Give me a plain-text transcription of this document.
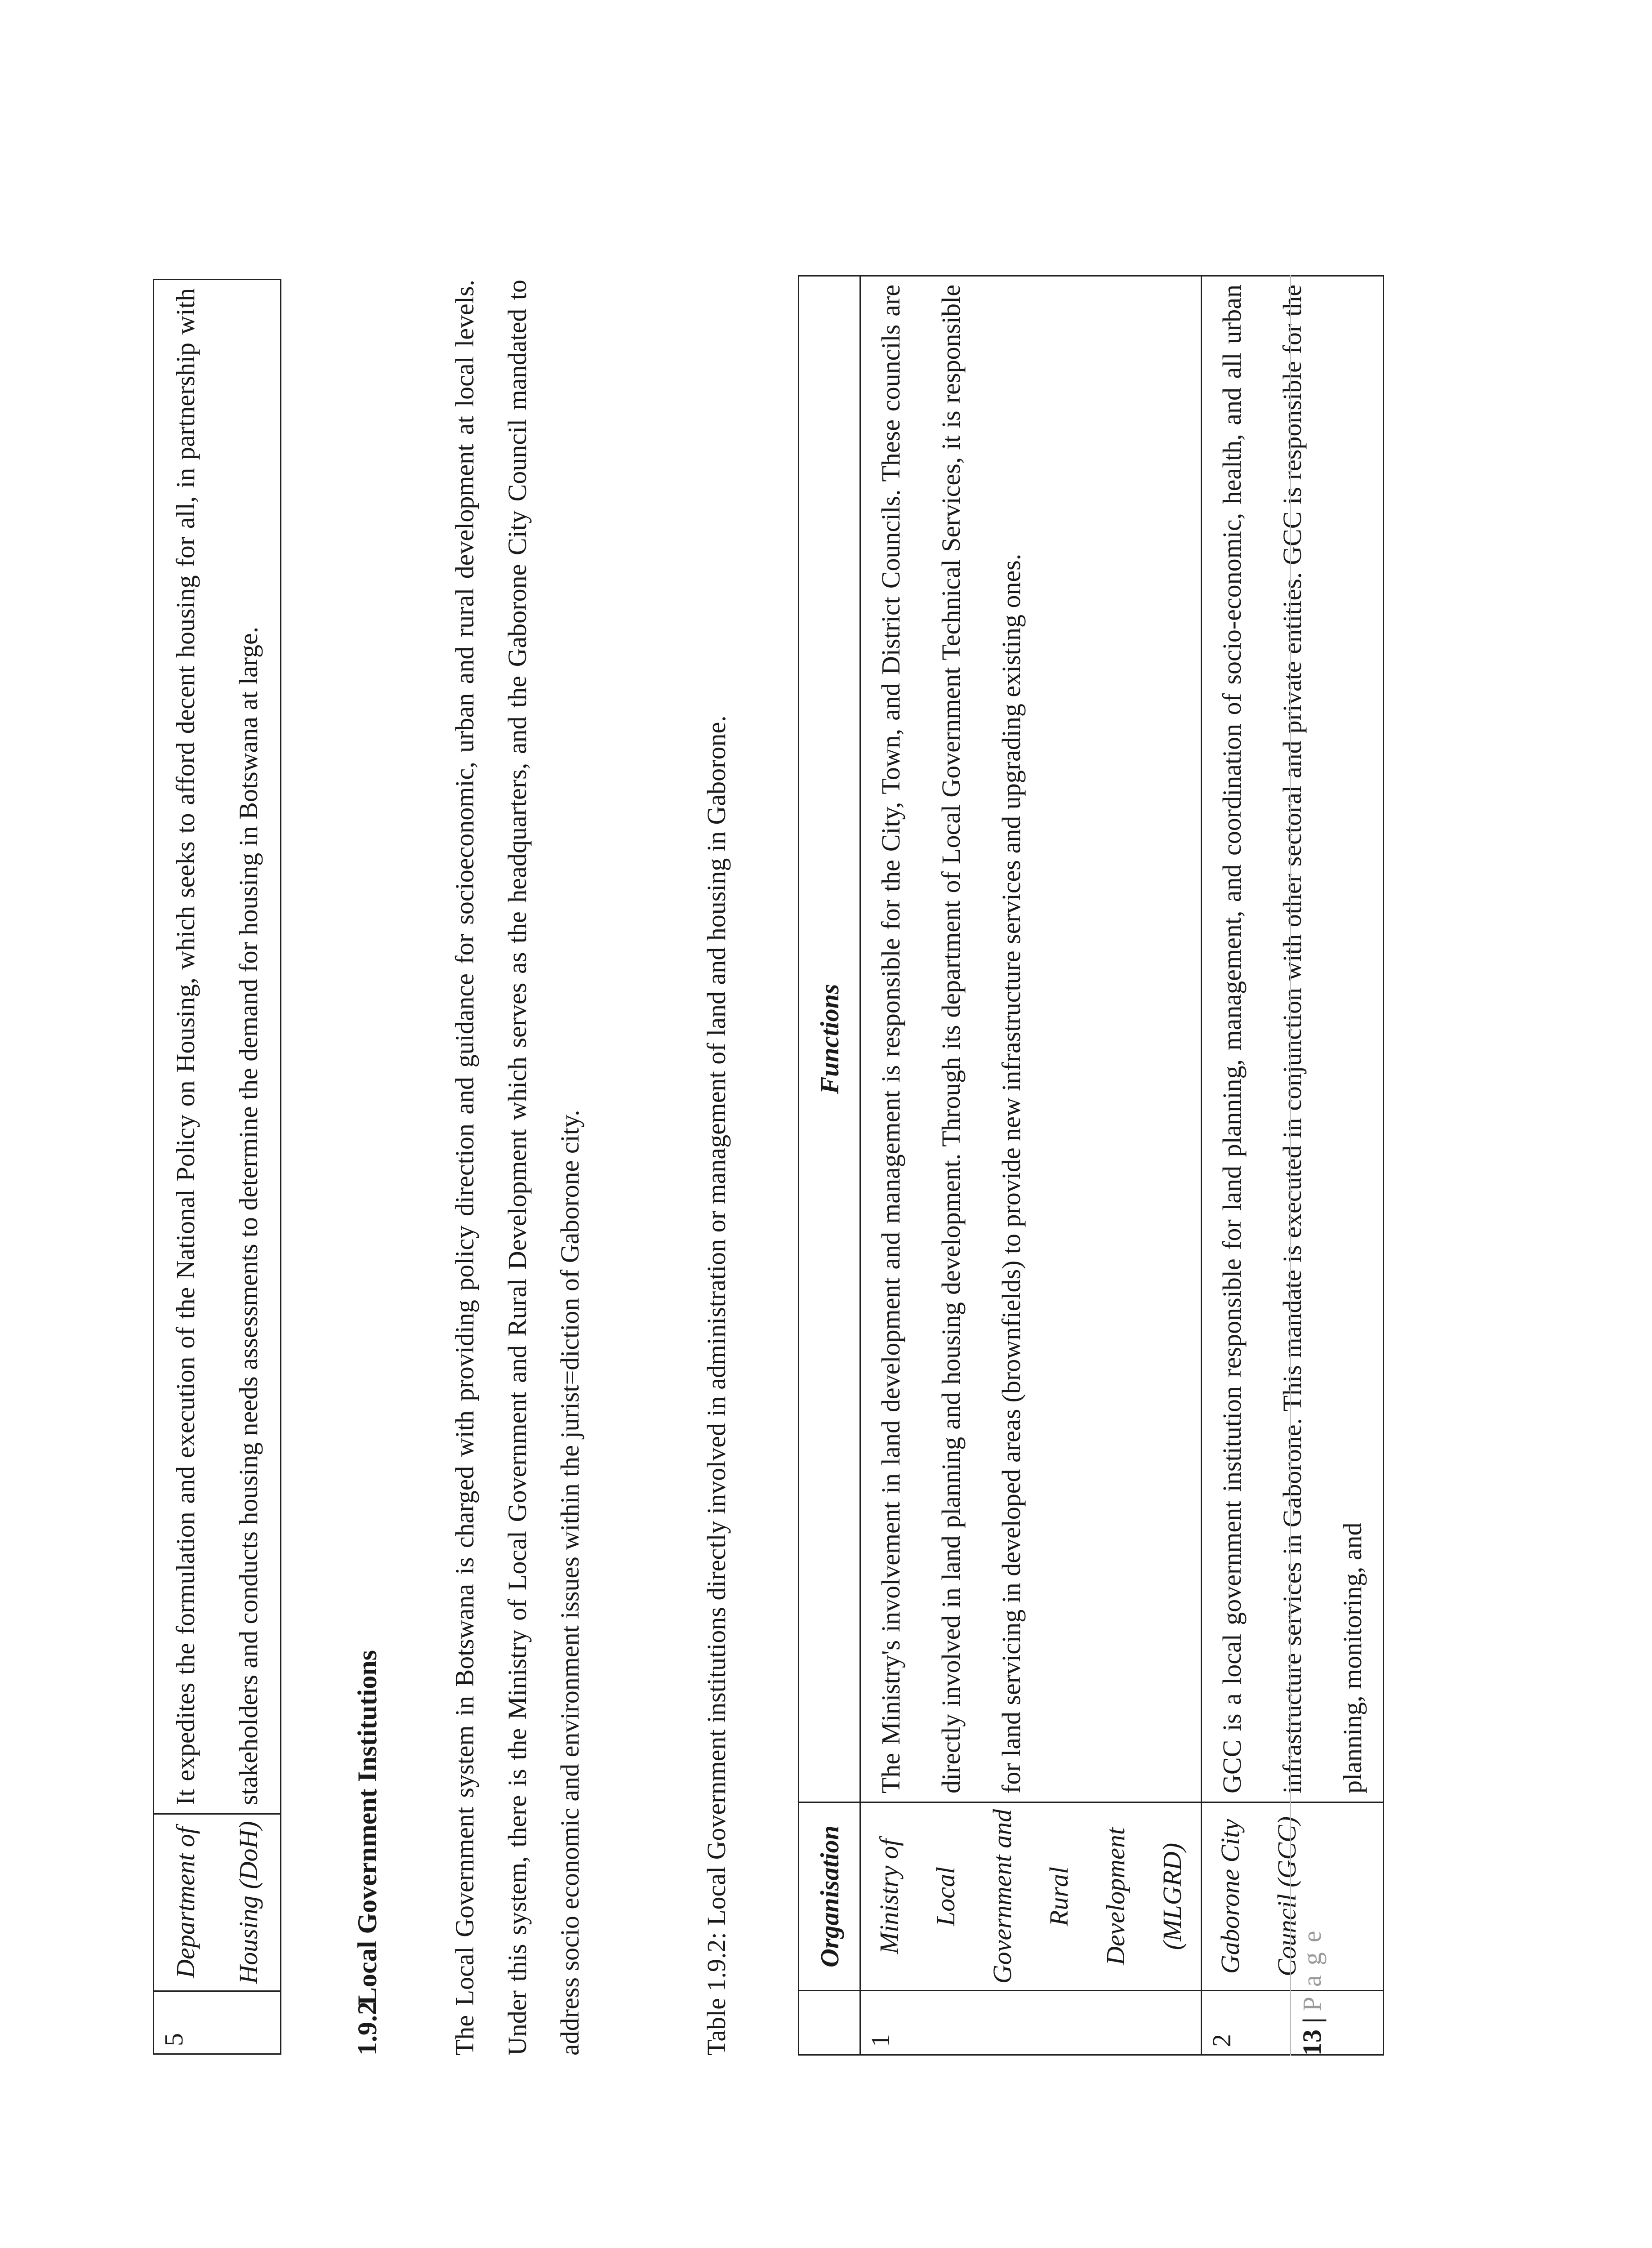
5	Department of Housing (DoH)	It expedites the formulation and execution of the National Policy on Housing, which seeks to afford decent housing for all, in partnership with stakeholders and conducts housing needs assessments to determine the demand for housing in Botswana at large.
1.9.2Local Government Institutions	The Local Government system in Botswana is charged with providing policy direction and guidance for socioeconomic, urban and rural development at local levels. Under this system, there is the Ministry of Local Government and Rural Development which serves as the headquarters, and the Gaborone City Council mandated to address socio economic and environment issues within the jurist=diction of Gaborone city.	Table 1.9.2: Local Government institutions directly involved in administration or management of land and housing in Gaborone.
		Organisation	Functions
1	Ministry of Local Government and Rural Development (MLGRD)	The Ministry's involvement in land development and management is responsible for the City, Town, and District Councils. These councils are directly involved in land planning and housing development. Through its department of Local Government Technical Services, it is responsible for land servicing in developed areas (brownfields) to provide new infrastructure services and upgrading existing ones.
2	Gaborone City Council (GCC)	GCC is a local government institution responsible for land planning, management, and coordination of socio-economic, health, and all urban infrastructure services in Gaborone. This mandate is executed in conjunction with other sectoral and private entities. GCC is responsible for the planning, monitoring, and
13|Page
